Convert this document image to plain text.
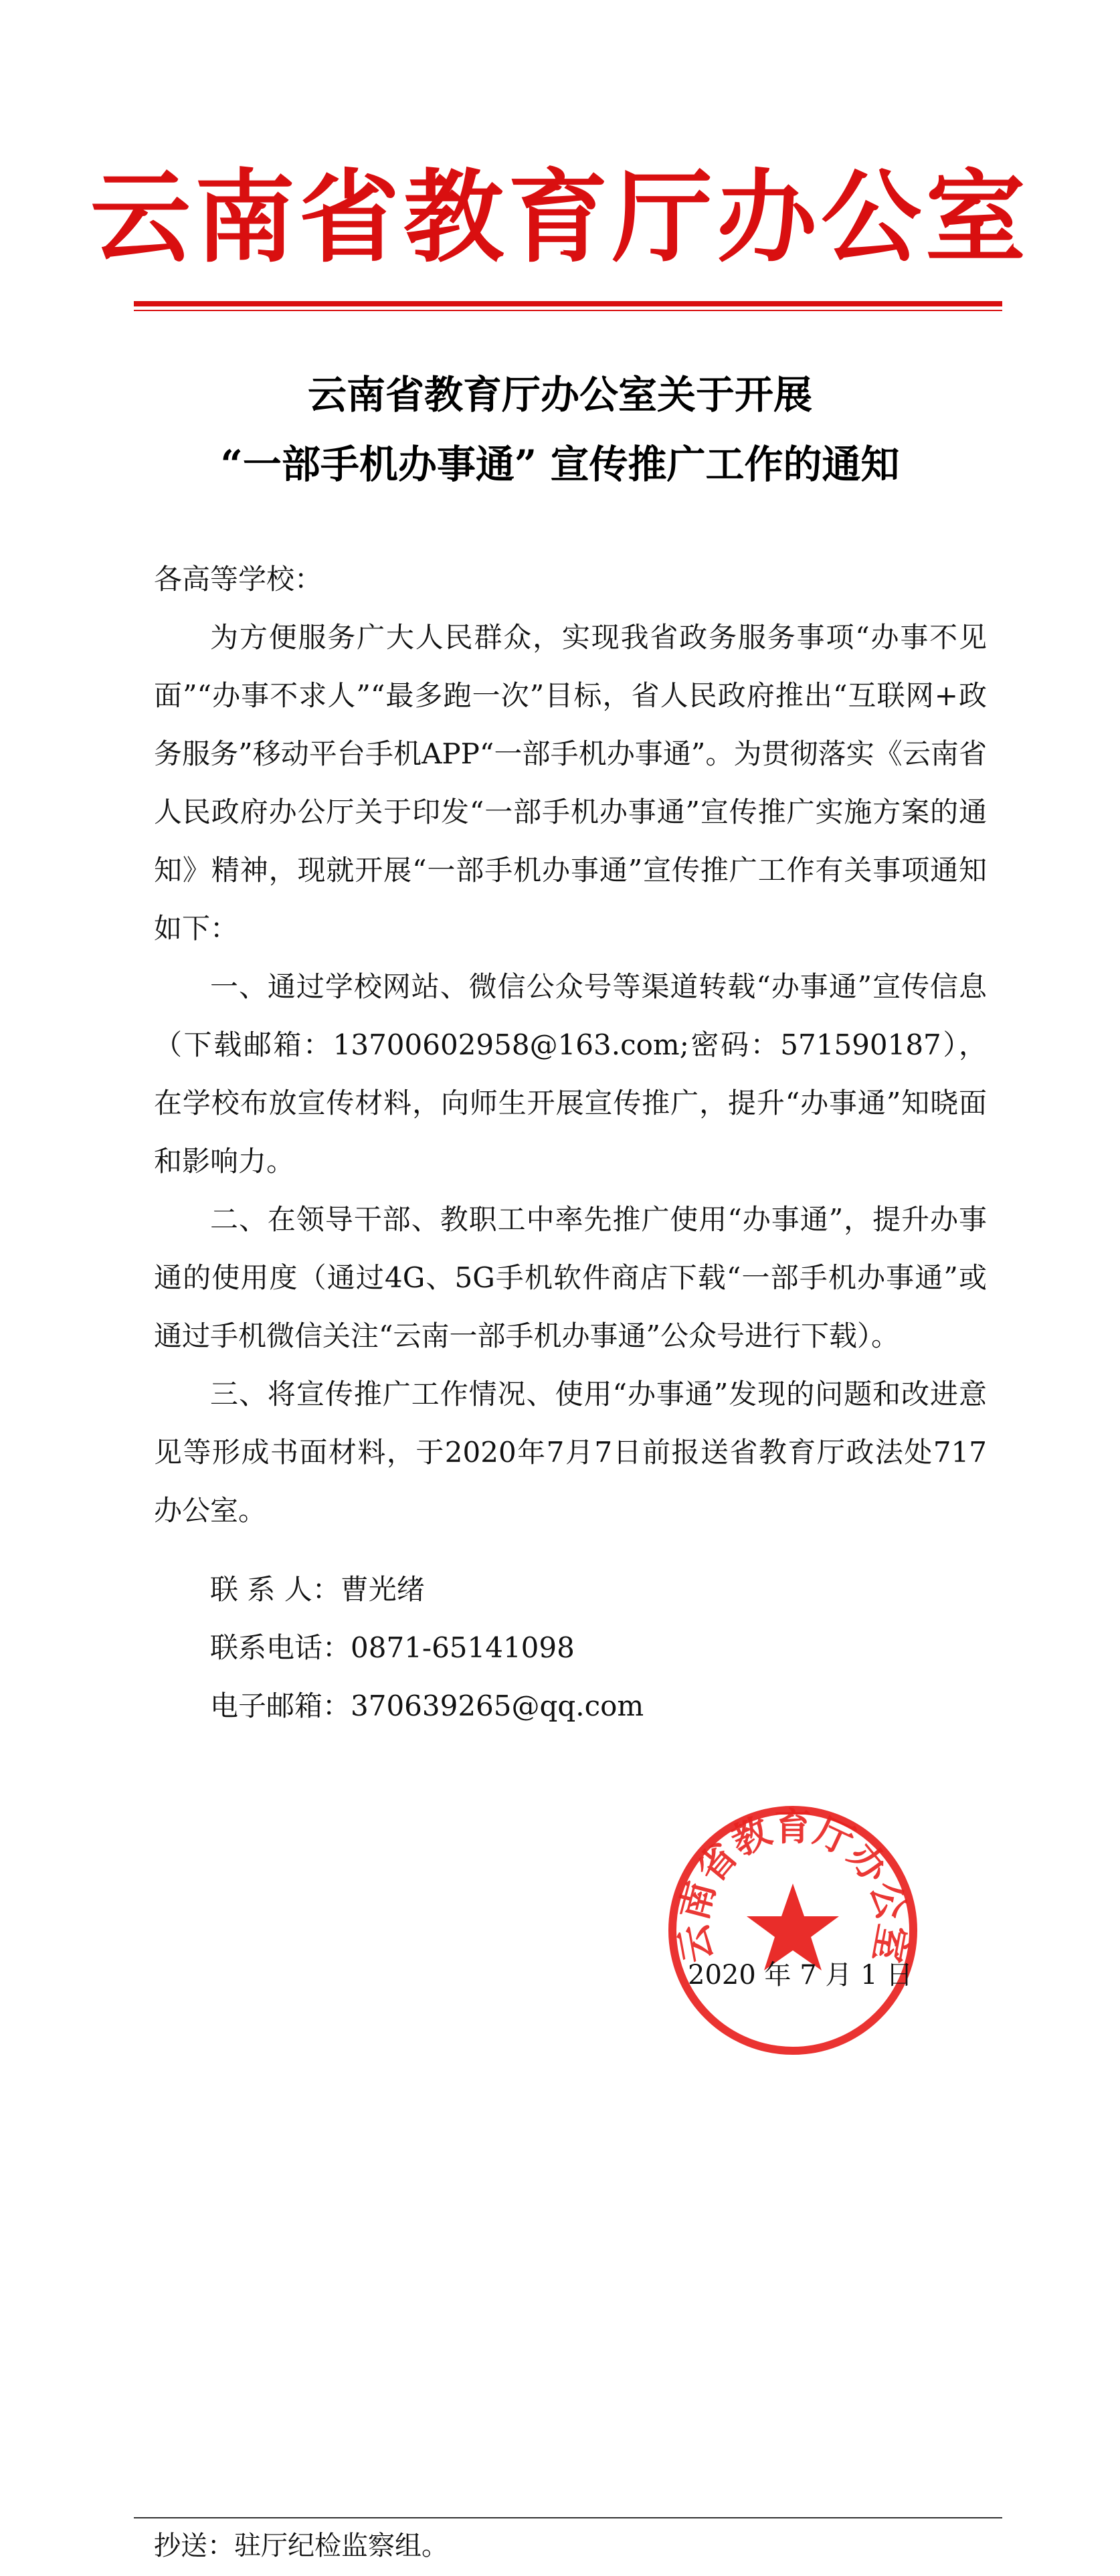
云南省教育厅办公室
云南省教育厅办公室关于开展
“一部手机办事通” 宣传推广工作的通知

各高等学校：

为方便服务广大人民群众，实现我省政务服务事项“办事不见面”“办事不求人”“最多跑一次”目标，省人民政府推出“互联网+政务服务”移动平台手机APP“一部手机办事通”。为贯彻落实《云南省人民政府办公厅关于印发“一部手机办事通”宣传推广实施方案的通知》精神，现就开展“一部手机办事通”宣传推广工作有关事项通知如下：

一、通过学校网站、微信公众号等渠道转载“办事通”宣传信息（下载邮箱：13700602958@163.com;密码：571590187），在学校布放宣传材料，向师生开展宣传推广，提升“办事通”知晓面和影响力。

二、在领导干部、教职工中率先推广使用“办事通”，提升办事通的使用度（通过4G、5G手机软件商店下载“一部手机办事通”或通过手机微信关注“云南一部手机办事通”公众号进行下载）。

三、将宣传推广工作情况、使用“办事通”发现的问题和改进意见等形成书面材料，于2020年7月7日前报送省教育厅政法处717办公室。

联 系 人：曹光绪
联系电话：0871-65141098
电子邮箱：370639265@qq.com
云南省教育厅办公室
2020 年 7 月 1 日
抄送：驻厅纪检监察组。
